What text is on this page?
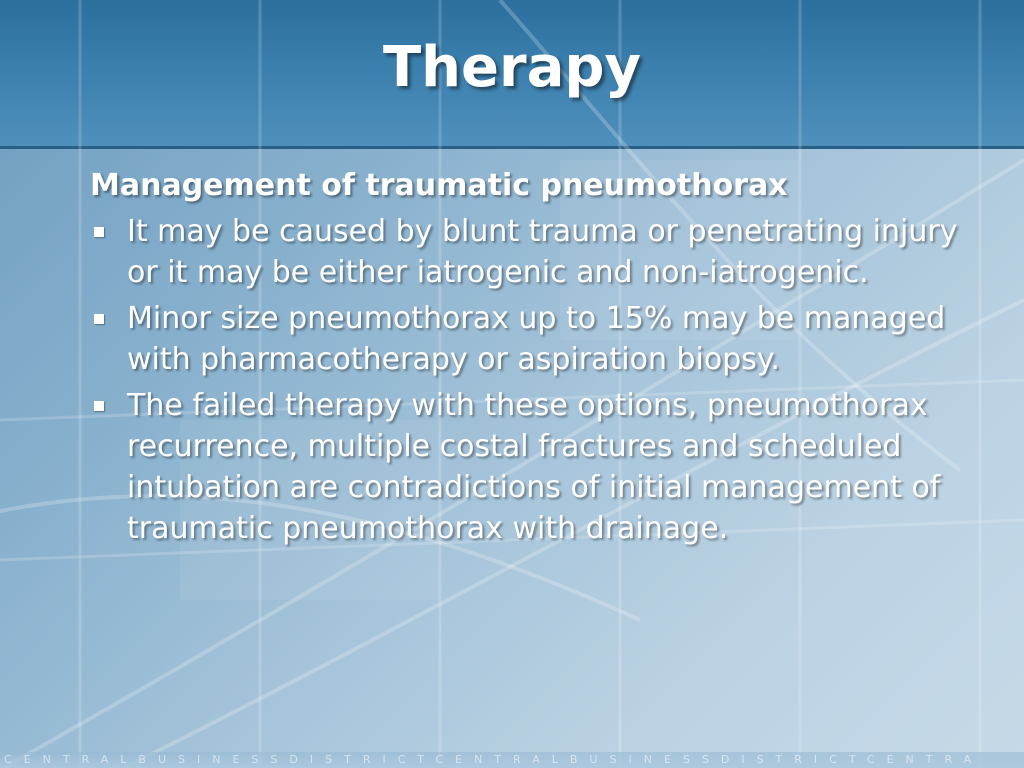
Therapy
Management of traumatic pneumothorax
It may be caused by blunt trauma or penetrating injury or it may be either iatrogenic and non-iatrogenic.
Minor size pneumothorax up to 15% may be managed with pharmacotherapy or aspiration biopsy.
The failed therapy with these options, pneumothorax recurrence, multiple costal fractures and scheduled intubation are contradictions of initial management of traumatic pneumothorax with drainage.
CENTRALBUSINESSDISTRICTCENTRALBUSINESSDISTRICTCENTRA
